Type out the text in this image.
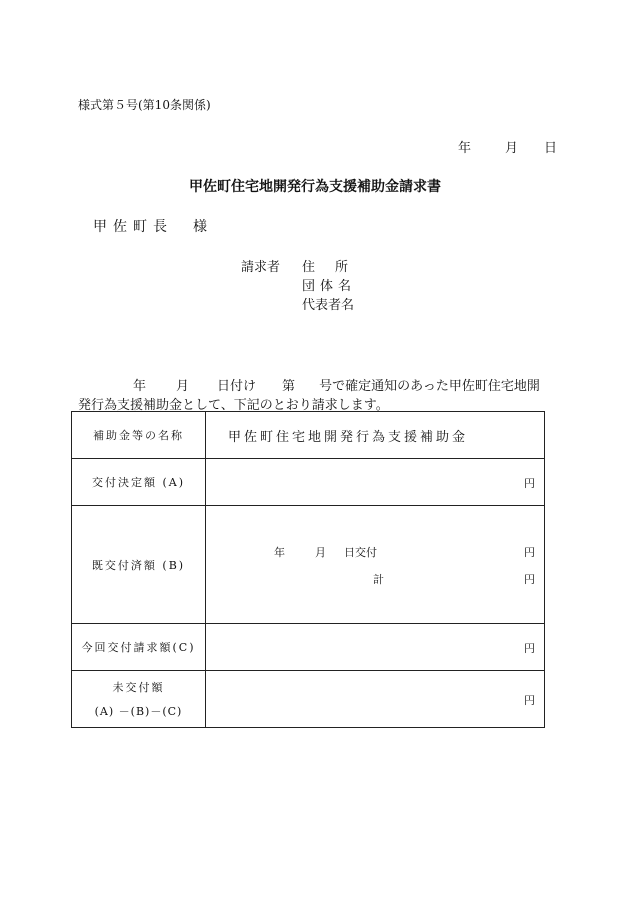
様式第５号(第10条関係)
年	月 日
甲佐町住宅地開発行為支援補助金請求書
甲佐町長 様
請求者 住所
団体名
代表者名
年 月 日付け 第 号で確定通知のあった甲佐町住宅地開
発行為支援補助金として、下記のとおり請求します。
補助金等の名称	甲佐町住宅地開発行為支援補助金
交付決定額 (A)	円

既交付済額 (B)	年 月 日交付 円
計 円

今回交付請求額(C)	円

未交付額
(A) －(B)－(C)	円
